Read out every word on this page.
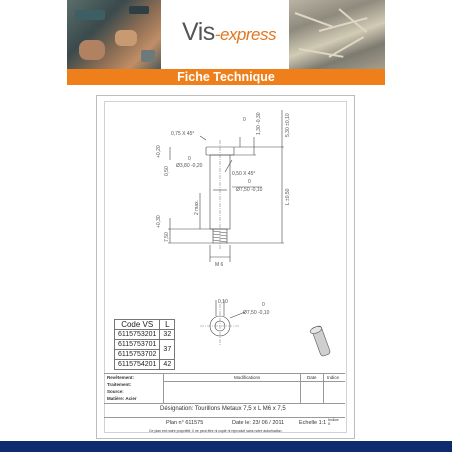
Vis-express
Fiche Technique
0,75 X 45°
0 1,30 -0,30	5,30 ±0,10
L ±0,50
+0,20
0,50
0
Ø3,80 -0,20
0,50 X 45°
0
Ø7,50 -0,10
2 max.
+0,30
7,50
M 6
0,10	0
Ø7,50 -0,10
Code VS	L
6115753201	32
6115753701	37
6115753702	
6115754201	42
Revêtement:
Traitement:
Source:
Matière: Acier
Modifications	Date Indice
Désignation: Tourillons Metaux 7,5 x L M6 x 7,5
Plan n° 611575	Date le: 23/ 06 / 2011	Echelle 1:1
Indice 0
Ce plan est notre propriété, il ne peut être ni copié ni reproduit sans notre autorisation.
